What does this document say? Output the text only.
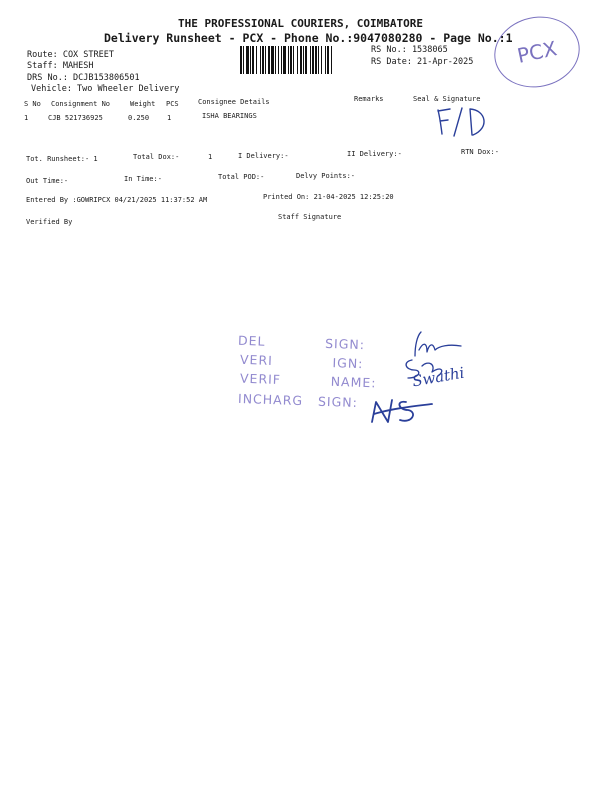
THE PROFESSIONAL COURIERS, COIMBATORE
Delivery Runsheet - PCX - Phone No.:9047080280 - Page No.:1
RS No.: 1538065
RS Date: 21-Apr-2025 PCX
Route: COX STREET
Staff: MAHESH
DRS No.: DCJB153806501
Vehicle: Two Wheeler Delivery
S No Consignment No	Weight PCS	Consignee Details	Remarks	Seal & Signature
1	CJB 521736925	0.250	1	ISHA BEARINGS
Tot. Runsheet:- 1	Total Dox:-	1	I Delivery:-	II Delivery:-	RTN Dox:-
Out Time:-	In Time:-	Total POD:-	Delvy Points:-
Entered By :GOWRIPCX 04/21/2025 11:37:52 AM	Printed On: 21-04-2025 12:25:20
Verified By
Staff Signature
DEL            SIGN:
VERI            IGN:
VERIF          NAME:
INCHARG   SIGN:
Swathi
